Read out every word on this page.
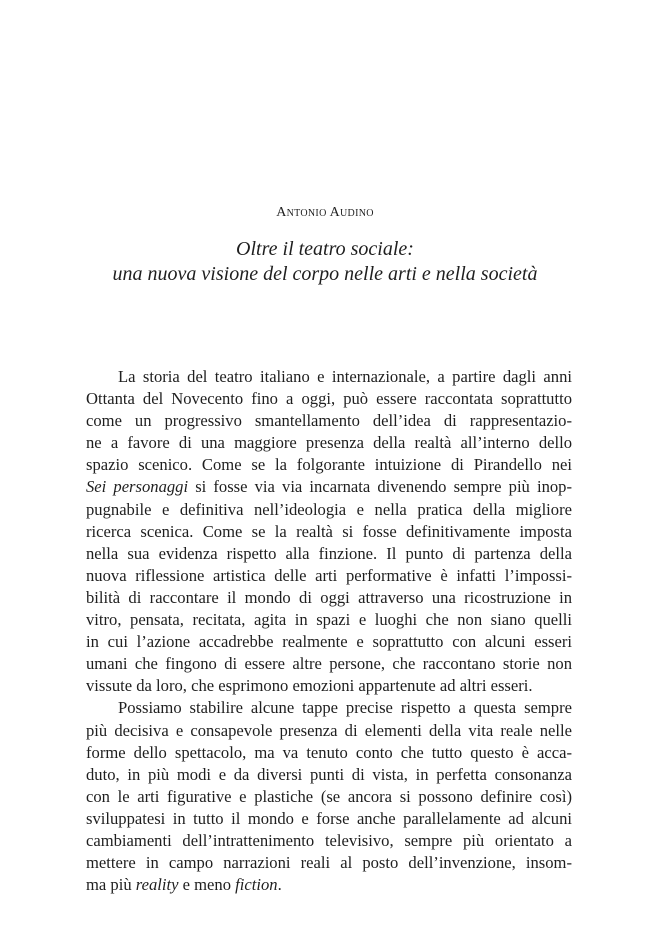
Antonio Audino
Oltre il teatro sociale:
una nuova visione del corpo nelle arti e nella società
La storia del teatro italiano e internazionale, a partire dagli anni
Ottanta del Novecento fino a oggi, può essere raccontata soprattutto
come un progressivo smantellamento dell’idea di rappresentazio-
ne a favore di una maggiore presenza della realtà all’interno dello
spazio scenico. Come se la folgorante intuizione di Pirandello nei
Sei personaggi si fosse via via incarnata divenendo sempre più inop-
pugnabile e definitiva nell’ideologia e nella pratica della migliore
ricerca scenica. Come se la realtà si fosse definitivamente imposta
nella sua evidenza rispetto alla finzione. Il punto di partenza della
nuova riflessione artistica delle arti performative è infatti l’impossi-
bilità di raccontare il mondo di oggi attraverso una ricostruzione in
vitro, pensata, recitata, agita in spazi e luoghi che non siano quelli
in cui l’azione accadrebbe realmente e soprattutto con alcuni esseri
umani che fingono di essere altre persone, che raccontano storie non
vissute da loro, che esprimono emozioni appartenute ad altri esseri.
Possiamo stabilire alcune tappe precise rispetto a questa sempre
più decisiva e consapevole presenza di elementi della vita reale nelle
forme dello spettacolo, ma va tenuto conto che tutto questo è acca-
duto, in più modi e da diversi punti di vista, in perfetta consonanza
con le arti figurative e plastiche (se ancora si possono definire così)
sviluppatesi in tutto il mondo e forse anche parallelamente ad alcuni
cambiamenti dell’intrattenimento televisivo, sempre più orientato a
mettere in campo narrazioni reali al posto dell’invenzione, insom-
ma più reality e meno fiction.
